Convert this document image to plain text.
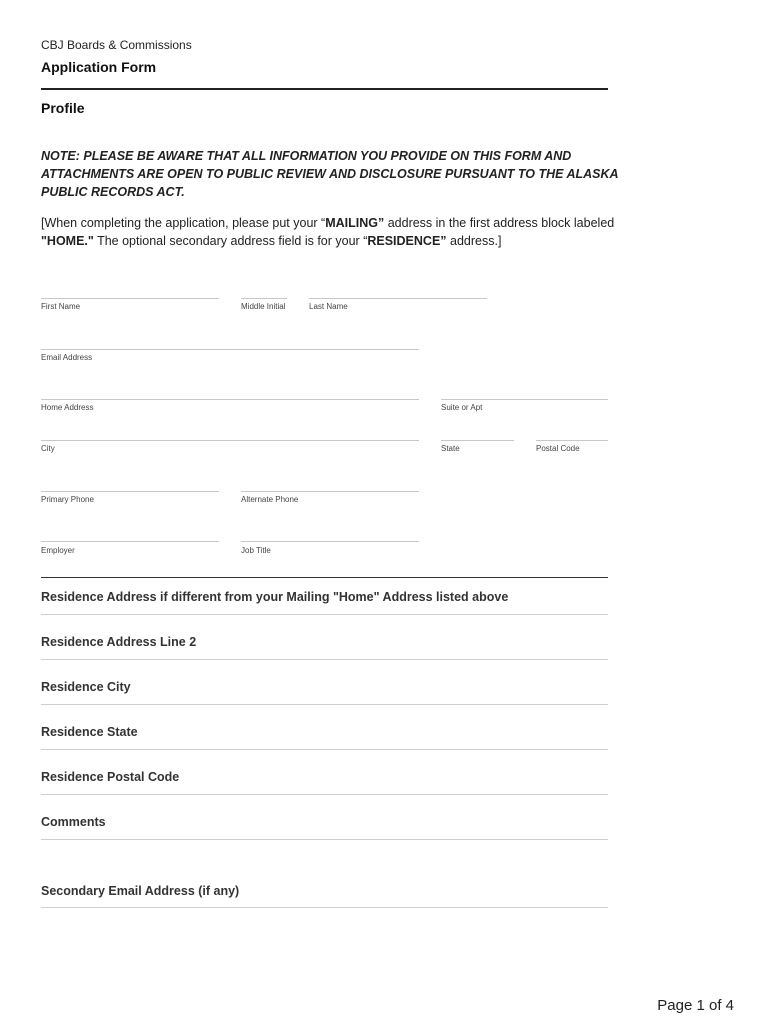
CBJ Boards & Commissions
Application Form
Profile
NOTE: PLEASE BE AWARE THAT ALL INFORMATION YOU PROVIDE ON THIS FORM AND ATTACHMENTS ARE OPEN TO PUBLIC REVIEW AND DISCLOSURE PURSUANT TO THE ALASKA PUBLIC RECORDS ACT.
[When completing the application, please put your “MAILING” address in the first address block labeled "HOME." The optional secondary address field is for your “RESIDENCE” address.]
First Name	Middle Initial	Last Name
Email Address
Home Address	Suite or Apt
City	State	Postal Code
Primary Phone	Alternate Phone
Employer	Job Title
Residence Address if different from your Mailing "Home" Address listed above
Residence Address Line 2
Residence City
Residence State
Residence Postal Code
Comments
Secondary Email Address (if any)
Page 1 of 4
